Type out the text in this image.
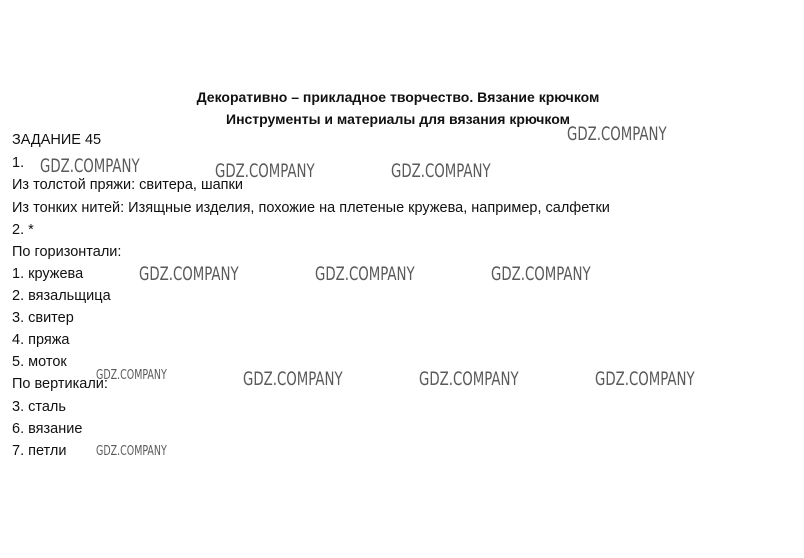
Декоративно – прикладное творчество. Вязание крючком
Инструменты и материалы для вязания крючком
ЗАДАНИЕ 45
1.
Из толстой пряжи: свитера, шапки
Из тонких нитей: Изящные изделия, похожие на плетеные кружева, например, салфетки
2. *
По горизонтали:
1. кружева
2. вязальщица
3. свитер
4. пряжа
5. моток
По вертикали:
3. сталь
6. вязание
7. петли
GDZ.COMPANY
GDZ.COMPANY	GDZ.COMPANY	GDZ.COMPANY
GDZ.COMPANY	GDZ.COMPANY	GDZ.COMPANY
GDZ.COMPANY	GDZ.COMPANY	GDZ.COMPANY	GDZ.COMPANY
GDZ.COMPANY
